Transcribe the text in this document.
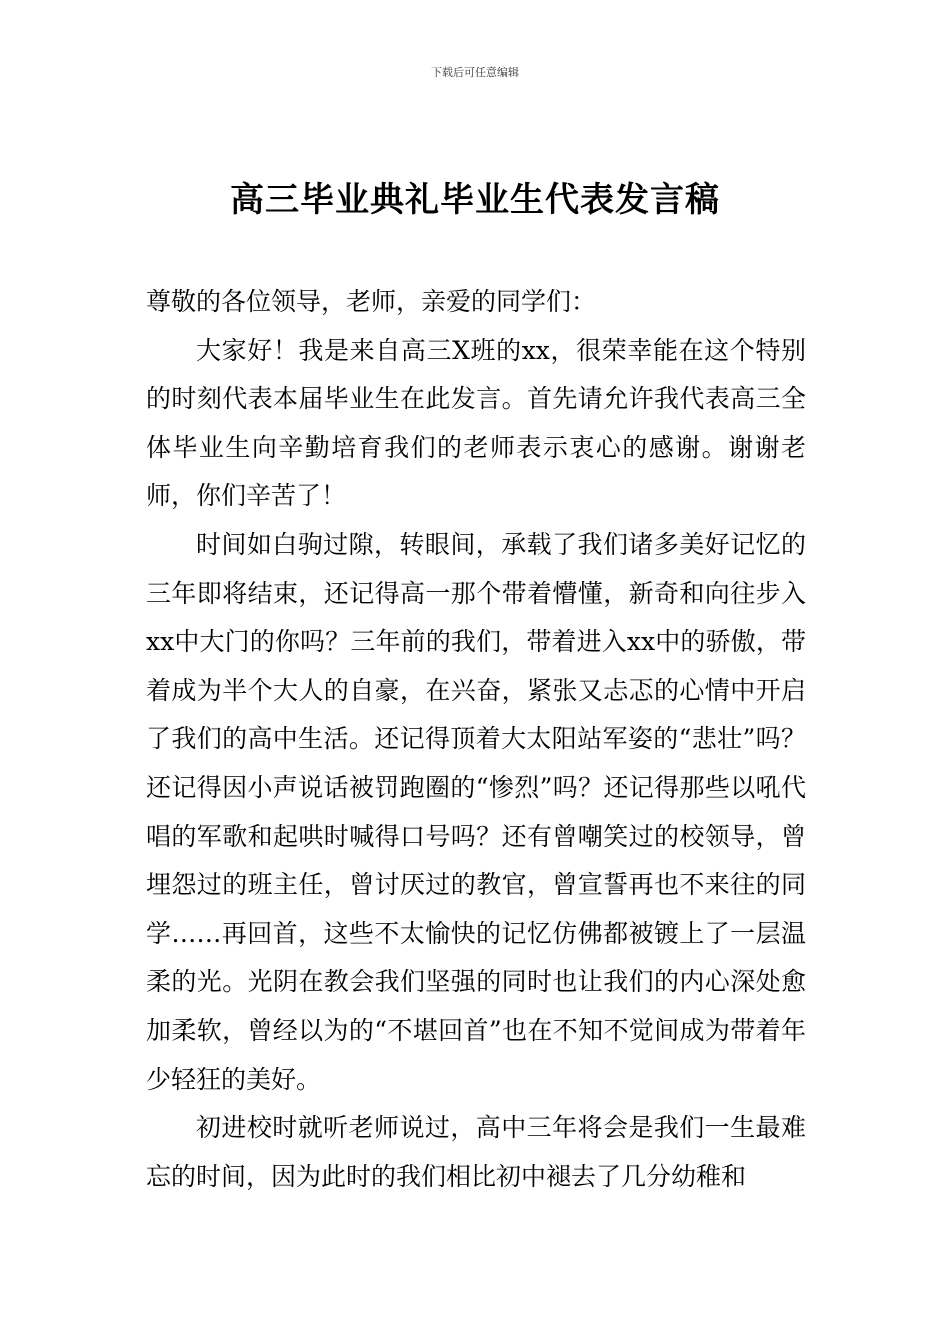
下载后可任意编辑
高三毕业典礼毕业生代表发言稿

尊敬的各位领导，老师，亲爱的同学们：

大家好！我是来自高三X班的xx，很荣幸能在这个特别的时刻代表本届毕业生在此发言。首先请允许我代表高三全体毕业生向辛勤培育我们的老师表示衷心的感谢。谢谢老师，你们辛苦了！

时间如白驹过隙，转眼间，承载了我们诸多美好记忆的三年即将结束，还记得高一那个带着懵懂，新奇和向往步入xx中大门的你吗？三年前的我们，带着进入xx中的骄傲，带着成为半个大人的自豪，在兴奋，紧张又忐忑的心情中开启了我们的高中生活。还记得顶着大太阳站军姿的“悲壮”吗？还记得因小声说话被罚跑圈的“惨烈”吗？还记得那些以吼代唱的军歌和起哄时喊得口号吗？还有曾嘲笑过的校领导，曾埋怨过的班主任，曾讨厌过的教官，曾宣誓再也不来往的同学……再回首，这些不太愉快的记忆仿佛都被镀上了一层温柔的光。光阴在教会我们坚强的同时也让我们的内心深处愈加柔软，曾经以为的“不堪回首”也在不知不觉间成为带着年少轻狂的美好。

初进校时就听老师说过，高中三年将会是我们一生最难忘的时间，因为此时的我们相比初中褪去了几分幼稚和
